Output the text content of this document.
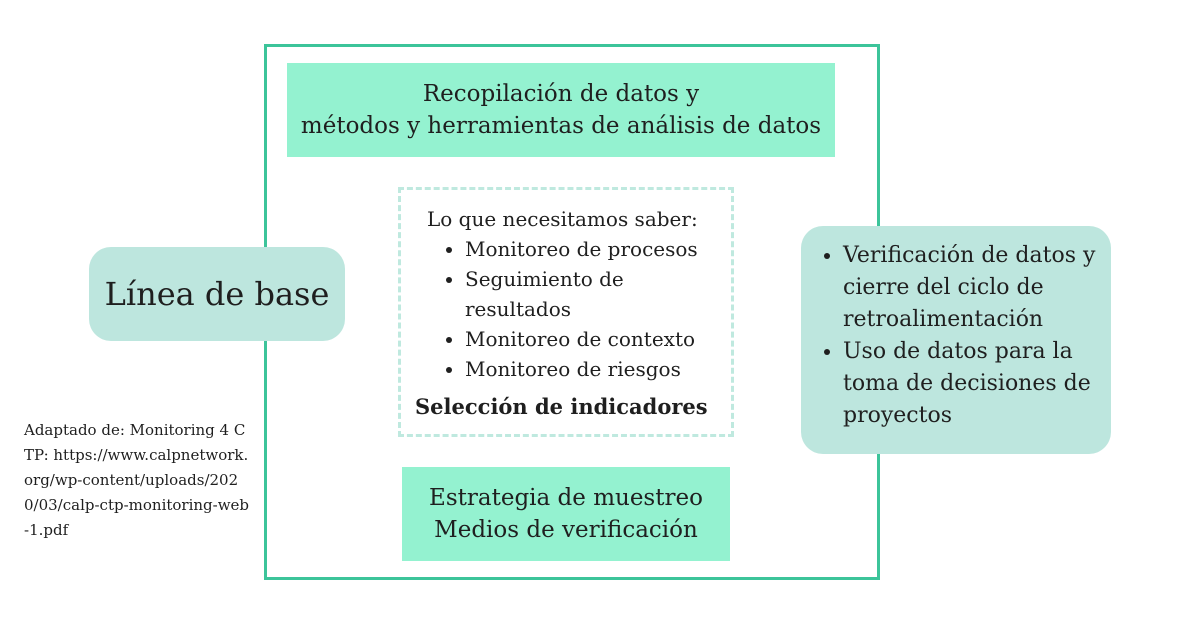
Recopilación de datos y
métodos y herramientas de análisis de datos
Lo que necesitamos saber:
• Monitoreo de procesos
• Seguimiento de resultados
• Monitoreo de contexto
• Monitoreo de riesgos
Selección de indicadores
Estrategia de muestreo
Medios de verificación
Línea de base
• Verificación de datos y cierre del ciclo de retroalimentación
• Uso de datos para la toma de decisiones de proyectos
Adaptado de: Monitoring 4 CTP: https://www.calpnetwork.org/wp-content/uploads/2020/03/calp-ctp-monitoring-web-1.pdf
